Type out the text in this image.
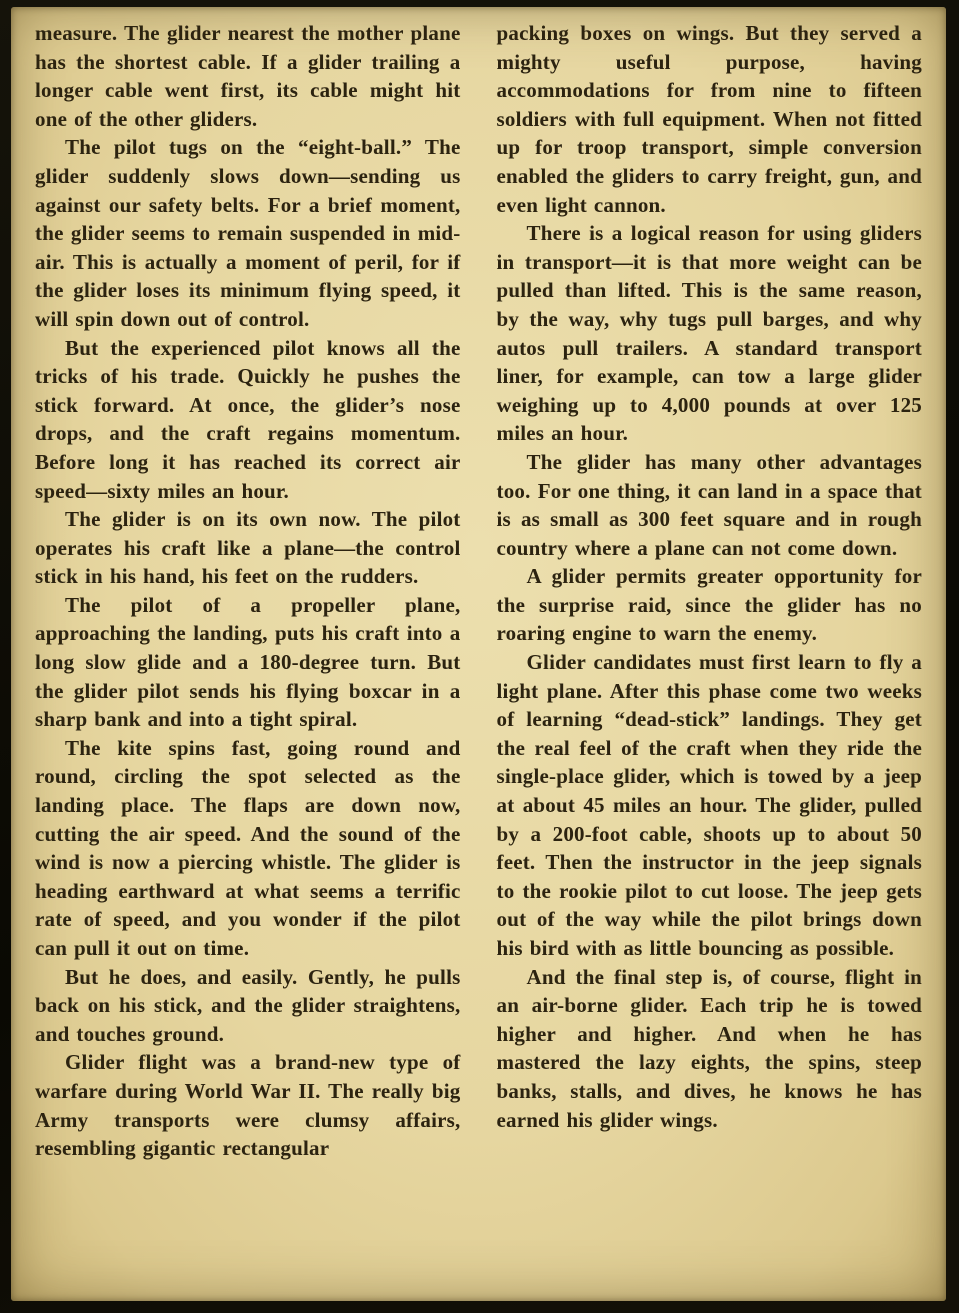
measure. The glider nearest the mother plane has the shortest cable. If a glider trailing a longer cable went first, its cable might hit one of the other gliders.

The pilot tugs on the “eight-ball.” The glider suddenly slows down—sending us against our safety belts. For a brief moment, the glider seems to remain suspended in mid-air. This is actually a moment of peril, for if the glider loses its minimum flying speed, it will spin down out of control.

But the experienced pilot knows all the tricks of his trade. Quickly he pushes the stick forward. At once, the glider’s nose drops, and the craft regains momentum. Before long it has reached its correct air speed—sixty miles an hour.

The glider is on its own now. The pilot operates his craft like a plane—the control stick in his hand, his feet on the rudders.

The pilot of a propeller plane, approaching the landing, puts his craft into a long slow glide and a 180-degree turn. But the glider pilot sends his flying boxcar in a sharp bank and into a tight spiral.

The kite spins fast, going round and round, circling the spot selected as the landing place. The flaps are down now, cutting the air speed. And the sound of the wind is now a piercing whistle. The glider is heading earthward at what seems a terrific rate of speed, and you wonder if the pilot can pull it out on time.

But he does, and easily. Gently, he pulls back on his stick, and the glider straightens, and touches ground.

Glider flight was a brand-new type of warfare during World War II. The really big Army transports were clumsy affairs, resembling gigantic rectangular

packing boxes on wings. But they served a mighty useful purpose, having accommodations for from nine to fifteen soldiers with full equipment. When not fitted up for troop transport, simple conversion enabled the gliders to carry freight, gun, and even light cannon.

There is a logical reason for using gliders in transport—it is that more weight can be pulled than lifted. This is the same reason, by the way, why tugs pull barges, and why autos pull trailers. A standard transport liner, for example, can tow a large glider weighing up to 4,000 pounds at over 125 miles an hour.

The glider has many other advantages too. For one thing, it can land in a space that is as small as 300 feet square and in rough country where a plane can not come down.

A glider permits greater opportunity for the surprise raid, since the glider has no roaring engine to warn the enemy.

Glider candidates must first learn to fly a light plane. After this phase come two weeks of learning “dead-stick” landings. They get the real feel of the craft when they ride the single-place glider, which is towed by a jeep at about 45 miles an hour. The glider, pulled by a 200-foot cable, shoots up to about 50 feet. Then the instructor in the jeep signals to the rookie pilot to cut loose. The jeep gets out of the way while the pilot brings down his bird with as little bouncing as possible.

And the final step is, of course, flight in an air-borne glider. Each trip he is towed higher and higher. And when he has mastered the lazy eights, the spins, steep banks, stalls, and dives, he knows he has earned his glider wings.
